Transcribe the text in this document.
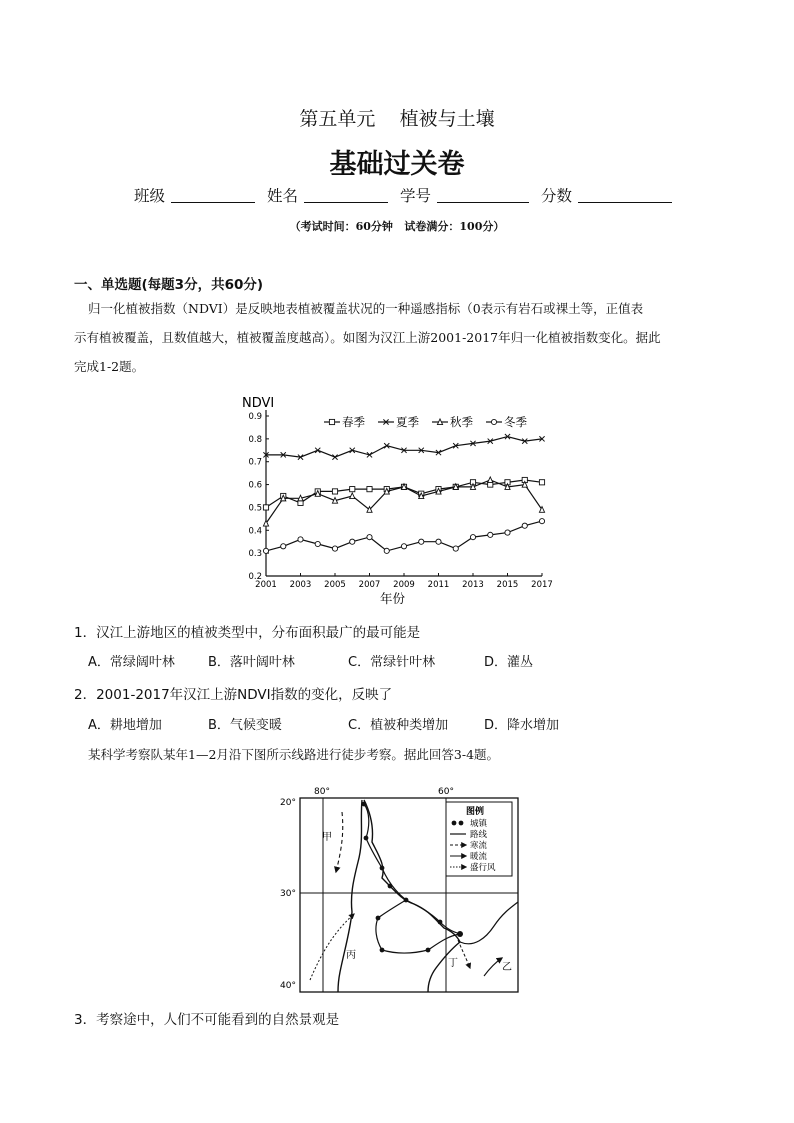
第五单元    植被与土壤
基础过关卷
班级	姓名	学号	分数
（考试时间：60分钟   试卷满分：100分）
一、单选题(每题3分，共60分)
归一化植被指数（NDVI）是反映地表植被覆盖状况的一种遥感指标（0表示有岩石或裸土等，正值表
示有植被覆盖，且数值越大，植被覆盖度越高）。如图为汉江上游2001-2017年归一化植被指数变化。据此
完成1-2题。
NDVI
年份
0.2
0.3
0.4
0.5
0.6
0.7
0.8
0.9
2001 2003 2005 2007 2009 2011 2013 2015 2017
春季	夏季	秋季	冬季
1．汉江上游地区的植被类型中，分布面积最广的最可能是
A．常绿阔叶林	B．落叶阔叶林	C．常绿针叶林	D．灌丛
2．2001-2017年汉江上游NDVI指数的变化，反映了
A．耕地增加	B．气候变暖	C．植被种类增加	D．降水增加
某科学考察队某年1—2月沿下图所示线路进行徒步考察。据此回答3-4题。
80°	60°
20°
30°
40°
甲
丙
丁	乙
图例
城镇
路线
寒流
暖流
盛行风
3．考察途中，人们不可能看到的自然景观是
